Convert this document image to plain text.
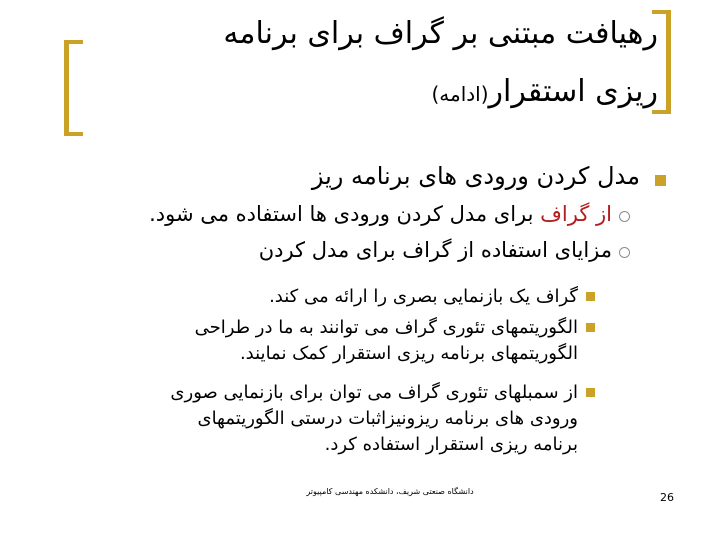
رهیافت مبتنی بر گراف برای برنامه
ریزی استقرار(ادامه)
مدل کردن ورودی های برنامه ریز
از گراف برای مدل کردن ورودی ها استفاده می شود.
مزایای استفاده از گراف برای مدل کردن
گراف یک بازنمایی بصری را ارائه می کند.
الگوریتمهای تئوری گراف می توانند به ما در طراحی
الگوریتمهای برنامه ریزی استقرار کمک نمایند.
از سمبلهای تئوری گراف می توان برای بازنمایی صوری
ورودی های برنامه ریزونیزاثبات درستی الگوریتمهای
برنامه ریزی استقرار استفاده کرد.
دانشگاه صنعتی شریف، دانشکده مهندسی کامپیوتر	26
